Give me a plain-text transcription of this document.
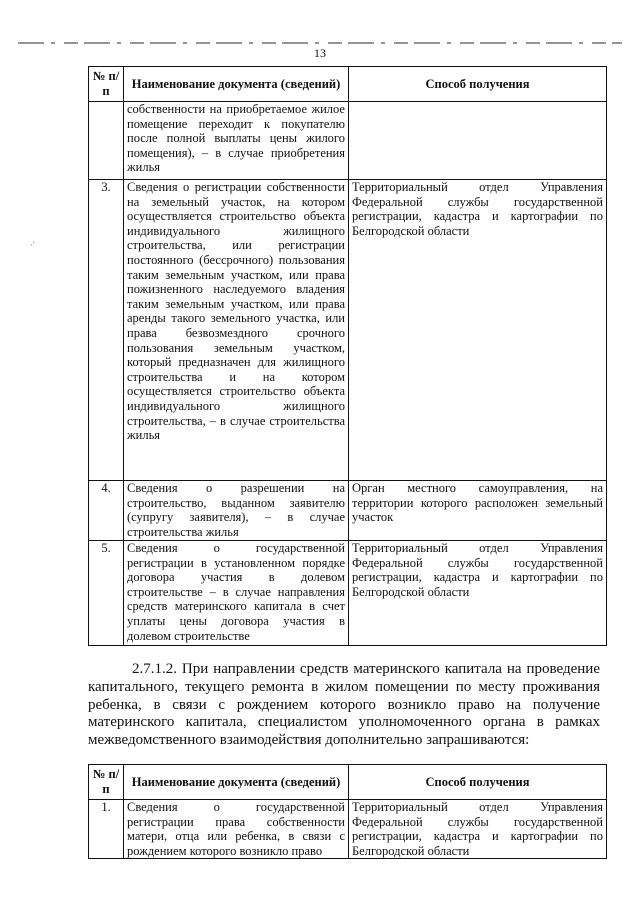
13
·'
№ п/п	Наименование документа (сведений)	Способ получения
	собственности на приобретаемое жилое помещение переходит к покупателю после полной выплаты цены жилого помещения), – в случае приобретения жилья	
3.	Сведения о регистрации собственности на земельный участок, на котором осуществляется строительство объекта индивидуального жилищного строительства, или регистрации постоянного (бессрочного) пользования таким земельным участком, или права пожизненного наследуемого владения таким земельным участком, или права аренды такого земельного участка, или права безвозмездного срочного пользования земельным участком, который предназначен для жилищного строительства и на котором осуществляется строительство объекта индивидуального жилищного строительства, – в случае строительства жилья	Территориальный отдел Управления Федеральной службы государственной регистрации, кадастра и картографии по Белгородской области
4.	Сведения о разрешении на строительство, выданном заявителю (супругу заявителя), – в случае строительства жилья	Орган местного самоуправления, на территории которого расположен земельный участок
5.	Сведения о государственной регистрации в установленном порядке договора участия в долевом строительстве – в случае направления средств материнского капитала в счет уплаты цены договора участия в долевом строительстве	Территориальный отдел Управления Федеральной службы государственной регистрации, кадастра и картографии по Белгородской области
2.7.1.2. При направлении средств материнского капитала на проведение капитального, текущего ремонта в жилом помещении по месту проживания ребенка, в связи с рождением которого возникло право на получение материнского капитала, специалистом уполномоченного органа в рамках межведомственного взаимодействия дополнительно запрашиваются:
№ п/п	Наименование документа (сведений)	Способ получения
1.	Сведения о государственной регистрации права собственности матери, отца или ребенка, в связи с рождением которого возникло право	Территориальный отдел Управления Федеральной службы государственной регистрации, кадастра и картографии по Белгородской области
